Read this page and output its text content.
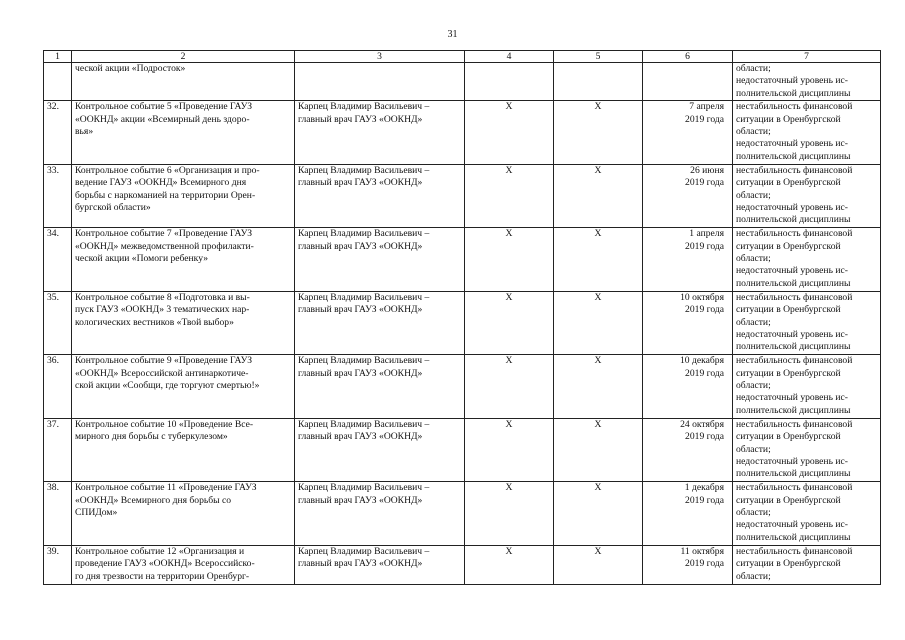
31
1	2	3	4	5	6	7

	ческой акции «Подросток»					области;
недостаточный уровень ис-
полнительской дисциплины

32.	Контрольное событие 5 «Проведение ГАУЗ
«ООКНД» акции «Всемирный день здоро-
вья»	Карпец Владимир Васильевич –
главный врач ГАУЗ «ООКНД»	Х	Х	7 апреля
2019 года	нестабильность финансовой
ситуации в Оренбургской
области;
недостаточный уровень ис-
полнительской дисциплины

33.	Контрольное событие 6 «Организация и про-
ведение ГАУЗ «ООКНД» Всемирного дня
борьбы с наркоманией на территории Орен-
бургской области»	Карпец Владимир Васильевич –
главный врач ГАУЗ «ООКНД»	Х	Х	26 июня
2019 года	нестабильность финансовой
ситуации в Оренбургской
области;
недостаточный уровень ис-
полнительской дисциплины

34.	Контрольное событие 7 «Проведение ГАУЗ
«ООКНД» межведомственной профилакти-
ческой акции «Помоги ребенку»	Карпец Владимир Васильевич –
главный врач ГАУЗ «ООКНД»	Х	Х	1 апреля
2019 года	нестабильность финансовой
ситуации в Оренбургской
области;
недостаточный уровень ис-
полнительской дисциплины

35.	Контрольное событие 8 «Подготовка и вы-
пуск ГАУЗ «ООКНД» 3 тематических нар-
кологических вестников «Твой выбор»	Карпец Владимир Васильевич –
главный врач ГАУЗ «ООКНД»	Х	Х	10 октября
2019 года	нестабильность финансовой
ситуации в Оренбургской
области;
недостаточный уровень ис-
полнительской дисциплины

36.	Контрольное событие 9 «Проведение ГАУЗ
«ООКНД» Всероссийской антинаркотиче-
ской акции «Сообщи, где торгуют смертью!»	Карпец Владимир Васильевич –
главный врач ГАУЗ «ООКНД»	Х	Х	10 декабря
2019 года	нестабильность финансовой
ситуации в Оренбургской
области;
недостаточный уровень ис-
полнительской дисциплины

37.	Контрольное событие 10 «Проведение Все-
мирного дня борьбы с туберкулезом»	Карпец Владимир Васильевич –
главный врач ГАУЗ «ООКНД»	Х	Х	24 октября
2019 года	нестабильность финансовой
ситуации в Оренбургской
области;
недостаточный уровень ис-
полнительской дисциплины

38.	Контрольное событие 11 «Проведение ГАУЗ
«ООКНД» Всемирного дня борьбы со
СПИДом»	Карпец Владимир Васильевич –
главный врач ГАУЗ «ООКНД»	Х	Х	1 декабря
2019 года	нестабильность финансовой
ситуации в Оренбургской
области;
недостаточный уровень ис-
полнительской дисциплины

39.	Контрольное событие 12 «Организация и
проведение ГАУЗ «ООКНД» Всероссийско-
го дня трезвости на территории Оренбург-	Карпец Владимир Васильевич –
главный врач ГАУЗ «ООКНД»	Х	Х	11 октября
2019 года	нестабильность финансовой
ситуации в Оренбургской
области;
